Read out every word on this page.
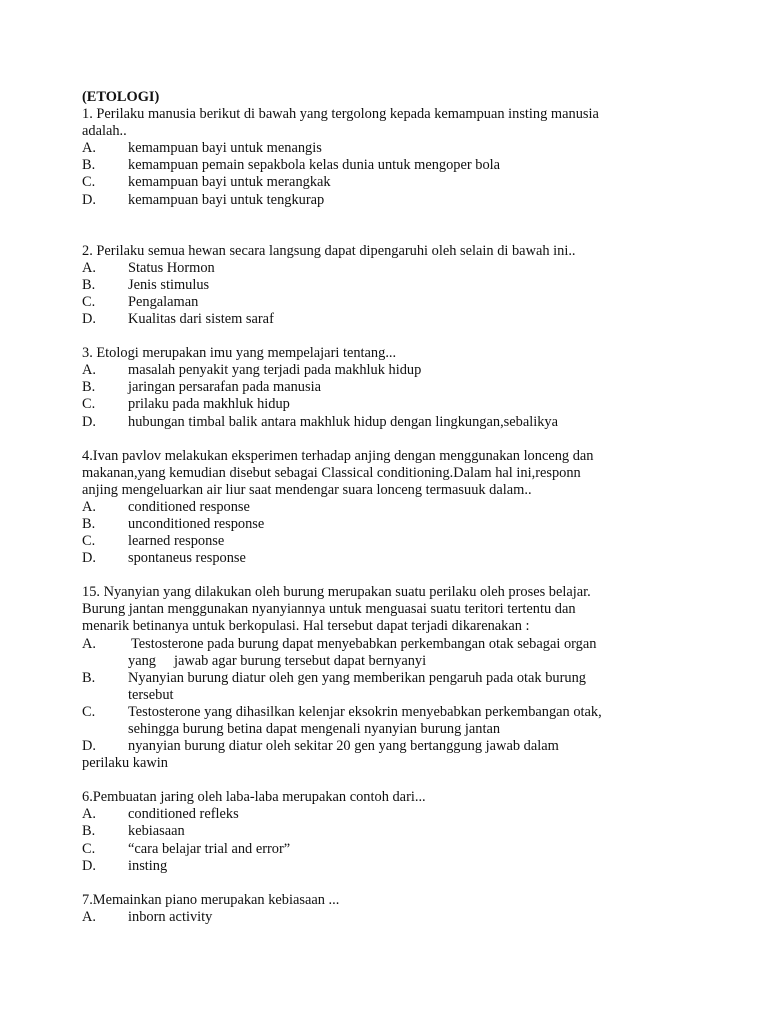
(ETOLOGI)
1. Perilaku manusia berikut di bawah yang tergolong kepada kemampuan insting manusia
adalah..
A.	kemampuan bayi untuk menangis
B.	kemampuan pemain sepakbola kelas dunia untuk mengoper bola
C.	kemampuan bayi untuk merangkak
D.	kemampuan bayi untuk tengkurap
2. Perilaku semua hewan secara langsung dapat dipengaruhi oleh selain di bawah ini..
A.	Status Hormon
B.	Jenis stimulus
C.	Pengalaman
D.	Kualitas dari sistem saraf
3. Etologi merupakan imu yang mempelajari tentang...
A.	masalah penyakit yang terjadi pada makhluk hidup
B.	jaringan persarafan pada manusia
C.	prilaku pada makhluk hidup
D.	hubungan timbal balik antara makhluk hidup dengan lingkungan,sebalikya
4.Ivan pavlov melakukan eksperimen terhadap anjing dengan menggunakan lonceng dan
makanan,yang kemudian disebut sebagai Classical conditioning.Dalam hal ini,responn
anjing mengeluarkan air liur saat mendengar suara lonceng termasuuk dalam..
A.	conditioned response
B.	unconditioned response
C.	learned response
D.	spontaneus response
15. Nyanyian yang dilakukan oleh burung merupakan suatu perilaku oleh proses belajar.
Burung jantan menggunakan nyanyiannya untuk menguasai suatu teritori tertentu dan
menarik betinanya untuk berkopulasi. Hal tersebut dapat terjadi dikarenakan :
A.	Testosterone pada burung dapat menyebabkan perkembangan otak sebagai organ
yang     jawab agar burung tersebut dapat bernyanyi
B.	Nyanyian burung diatur oleh gen yang memberikan pengaruh pada otak burung
tersebut
C.	Testosterone yang dihasilkan kelenjar eksokrin menyebabkan perkembangan otak,
sehingga burung betina dapat mengenali nyanyian burung jantan
D.	nyanyian burung diatur oleh sekitar 20 gen yang bertanggung jawab dalam
perilaku kawin
6.Pembuatan jaring oleh laba-laba merupakan contoh dari...
A.	conditioned refleks
B.	kebiasaan
C.	“cara belajar trial and error”
D.	insting
7.Memainkan piano merupakan kebiasaan ...
A.	inborn activity
